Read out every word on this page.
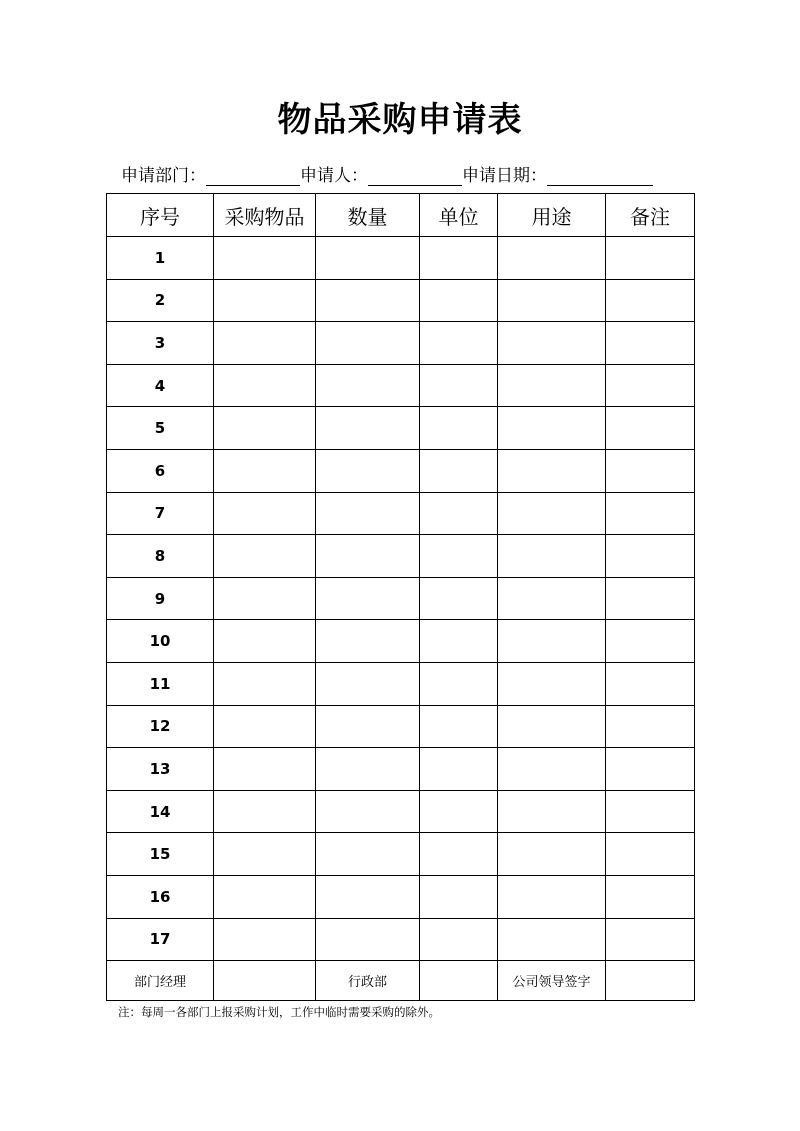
物品采购申请表
申请部门：	申请人：	申请日期：
序号	采购物品	数量	单位	用途	备注
1					
2					
3					
4					
5					
6					
7					
8					
9					
10					
11					
12					
13					
14					
15					
16					
17					
部门经理		行政部		公司领导签字	
注：每周一各部门上报采购计划，工作中临时需要采购的除外。
